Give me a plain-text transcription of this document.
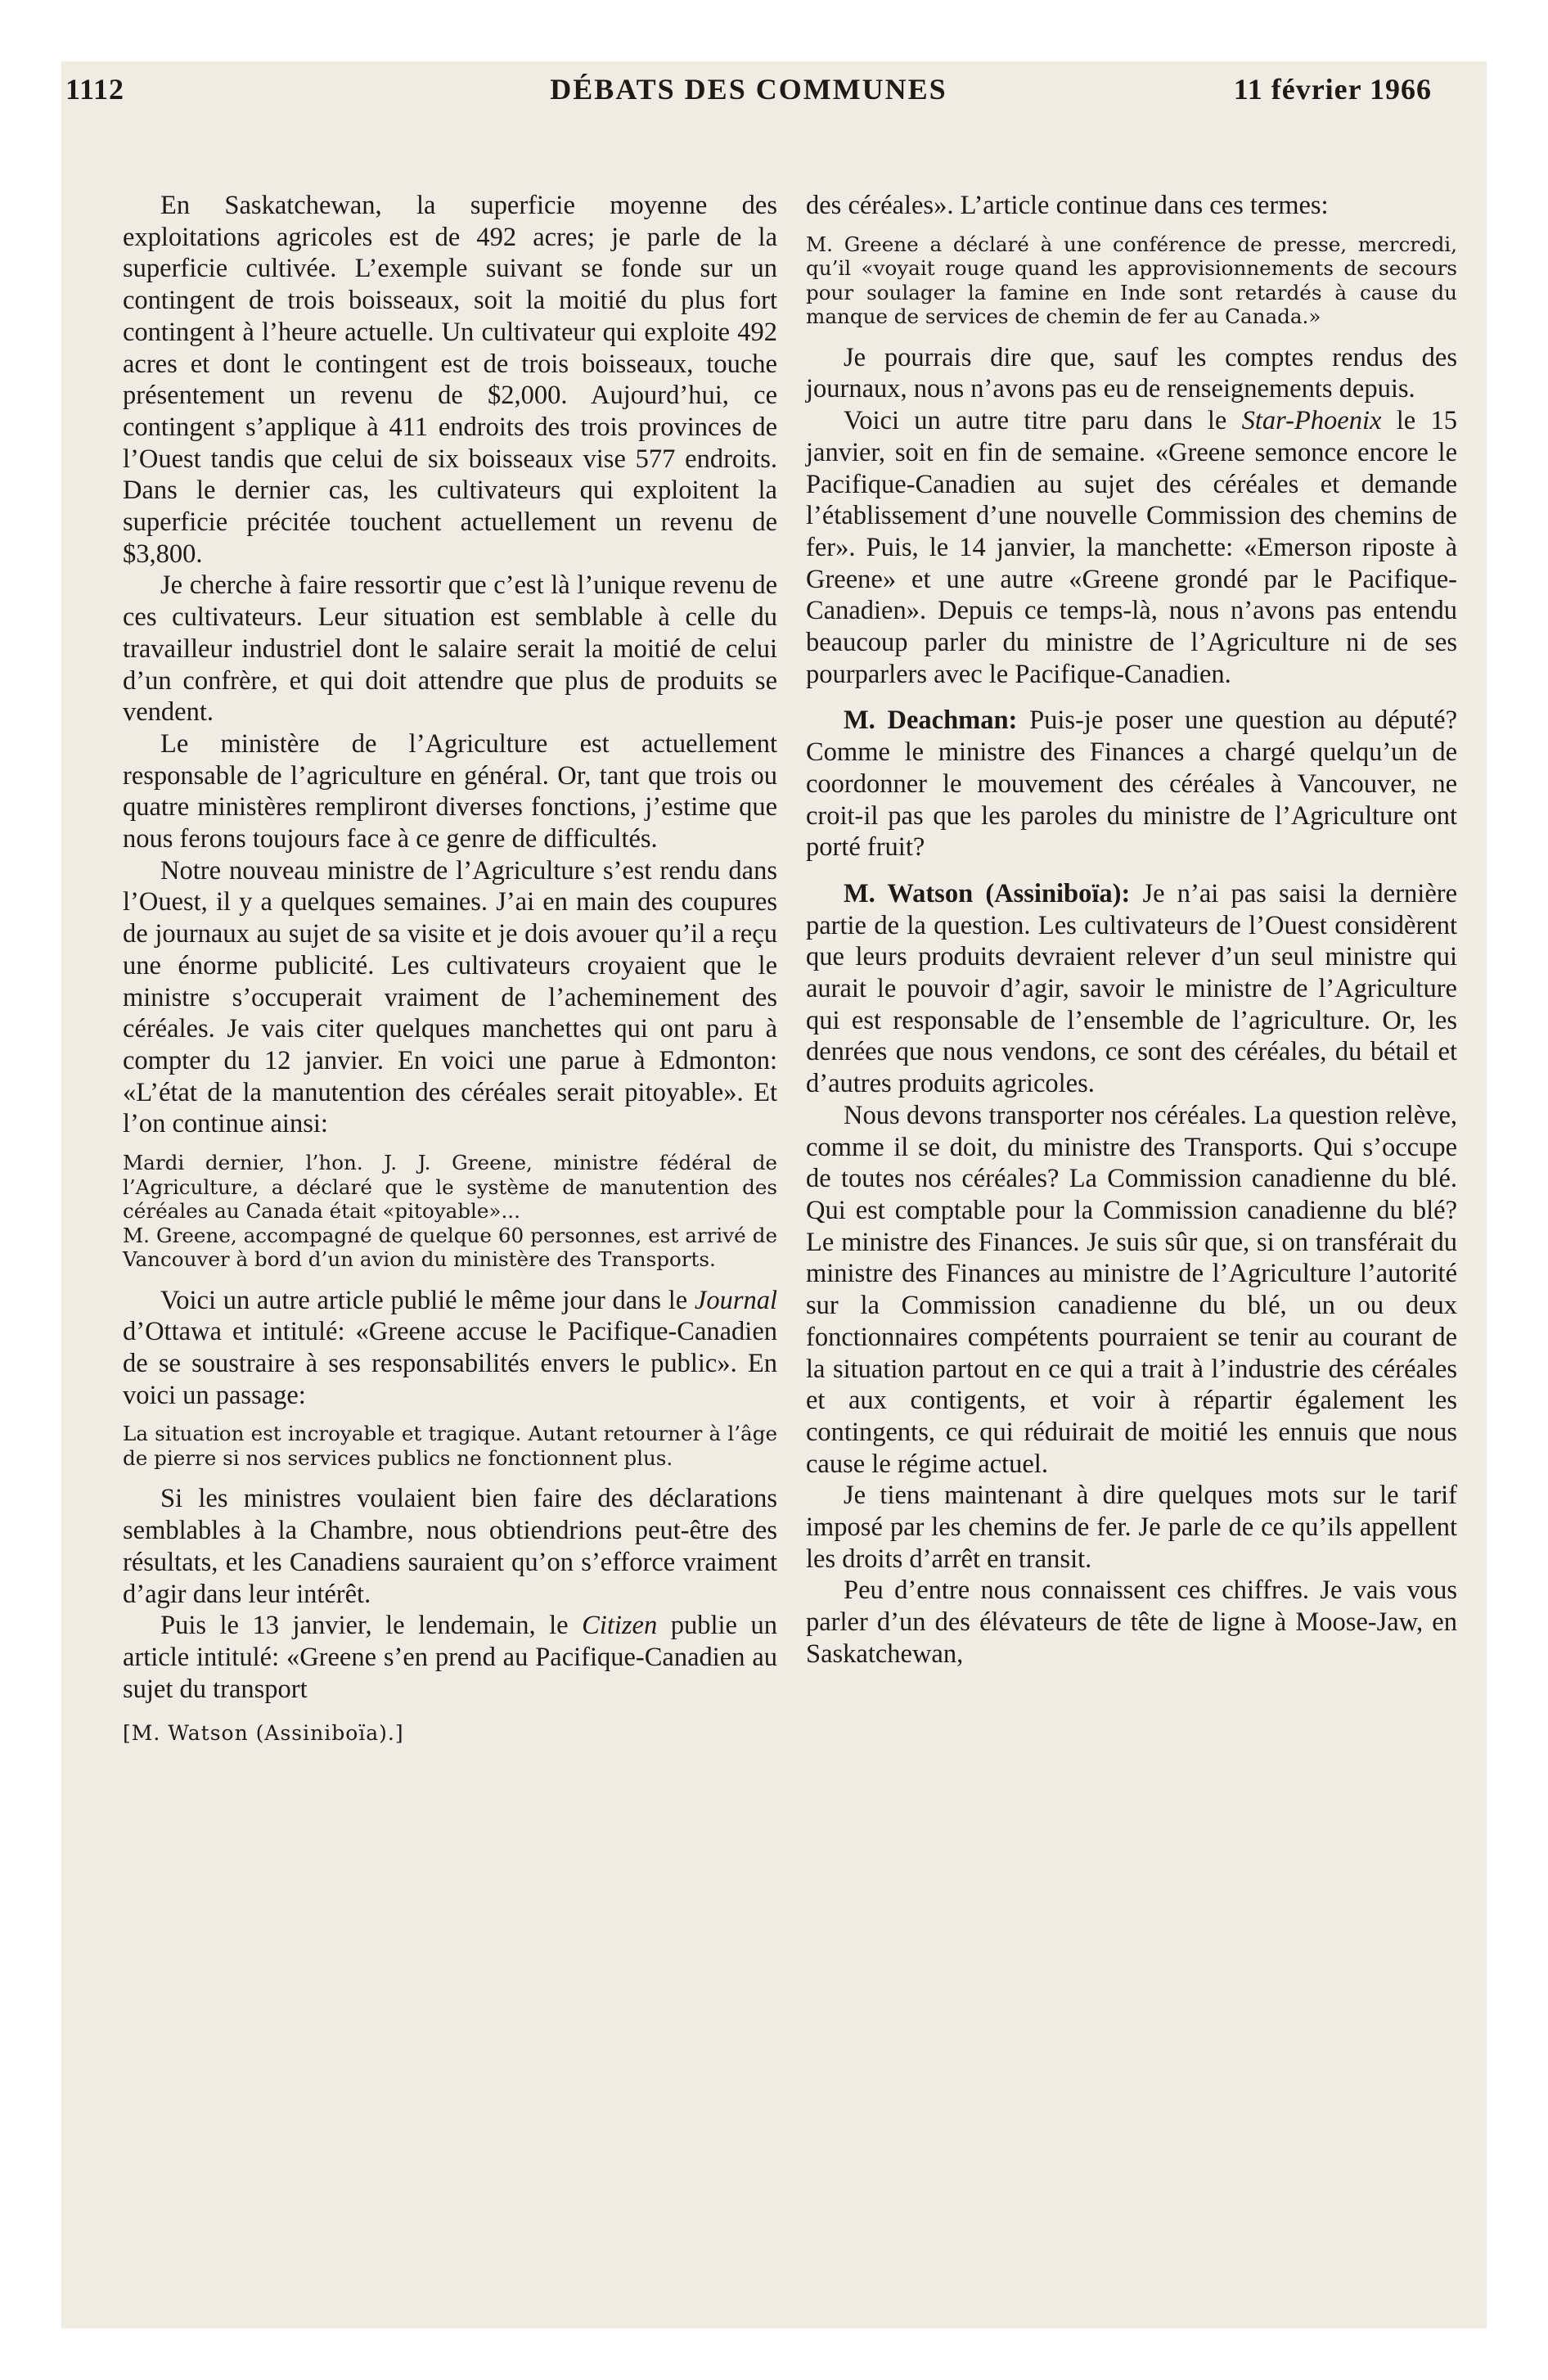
1112	DÉBATS DES COMMUNES	11 février 1966

En Saskatchewan, la superficie moyenne des exploitations agricoles est de 492 acres; je parle de la superficie cultivée. L’exemple suivant se fonde sur un contingent de trois boisseaux, soit la moitié du plus fort contingent à l’heure actuelle. Un cultivateur qui exploite 492 acres et dont le contingent est de trois boisseaux, touche présentement un revenu de $2,000. Aujourd’hui, ce contingent s’applique à 411 endroits des trois provinces de l’Ouest tandis que celui de six boisseaux vise 577 endroits. Dans le dernier cas, les cultivateurs qui exploitent la superficie précitée touchent actuellement un revenu de $3,800.

Je cherche à faire ressortir que c’est là l’unique revenu de ces cultivateurs. Leur situation est semblable à celle du travailleur industriel dont le salaire serait la moitié de celui d’un confrère, et qui doit attendre que plus de produits se vendent.

Le ministère de l’Agriculture est actuellement responsable de l’agriculture en général. Or, tant que trois ou quatre ministères rempliront diverses fonctions, j’estime que nous ferons toujours face à ce genre de difficultés.

Notre nouveau ministre de l’Agriculture s’est rendu dans l’Ouest, il y a quelques semaines. J’ai en main des coupures de journaux au sujet de sa visite et je dois avouer qu’il a reçu une énorme publicité. Les cultivateurs croyaient que le ministre s’occuperait vraiment de l’acheminement des céréales. Je vais citer quelques manchettes qui ont paru à compter du 12 janvier. En voici une parue à Edmonton: «L’état de la manutention des céréales serait pitoyable». Et l’on continue ainsi:

Mardi dernier, l’hon. J. J. Greene, ministre fédéral de l’Agriculture, a déclaré que le système de manutention des céréales au Canada était «pitoyable»...

M. Greene, accompagné de quelque 60 personnes, est arrivé de Vancouver à bord d’un avion du ministère des Transports.

Voici un autre article publié le même jour dans le Journal d’Ottawa et intitulé: «Greene accuse le Pacifique-Canadien de se soustraire à ses responsabilités envers le public». En voici un passage:

La situation est incroyable et tragique. Autant retourner à l’âge de pierre si nos services publics ne fonctionnent plus.

Si les ministres voulaient bien faire des déclarations semblables à la Chambre, nous obtiendrions peut-être des résultats, et les Canadiens sauraient qu’on s’efforce vraiment d’agir dans leur intérêt.

Puis le 13 janvier, le lendemain, le Citizen publie un article intitulé: «Greene s’en prend au Pacifique-Canadien au sujet du transport

[M. Watson (Assiniboïa).]

des céréales». L’article continue dans ces termes:

M. Greene a déclaré à une conférence de presse, mercredi, qu’il «voyait rouge quand les approvisionnements de secours pour soulager la famine en Inde sont retardés à cause du manque de services de chemin de fer au Canada.»

Je pourrais dire que, sauf les comptes rendus des journaux, nous n’avons pas eu de renseignements depuis.

Voici un autre titre paru dans le Star-Phoenix le 15 janvier, soit en fin de semaine. «Greene semonce encore le Pacifique-Canadien au sujet des céréales et demande l’établissement d’une nouvelle Commission des chemins de fer». Puis, le 14 janvier, la manchette: «Emerson riposte à Greene» et une autre «Greene grondé par le Pacifique-Canadien». Depuis ce temps-là, nous n’avons pas entendu beaucoup parler du ministre de l’Agriculture ni de ses pourparlers avec le Pacifique-Canadien.

M. Deachman: Puis-je poser une question au député? Comme le ministre des Finances a chargé quelqu’un de coordonner le mouvement des céréales à Vancouver, ne croit-il pas que les paroles du ministre de l’Agriculture ont porté fruit?

M. Watson (Assiniboïa): Je n’ai pas saisi la dernière partie de la question. Les cultivateurs de l’Ouest considèrent que leurs produits devraient relever d’un seul ministre qui aurait le pouvoir d’agir, savoir le ministre de l’Agriculture qui est responsable de l’ensemble de l’agriculture. Or, les denrées que nous vendons, ce sont des céréales, du bétail et d’autres produits agricoles.

Nous devons transporter nos céréales. La question relève, comme il se doit, du ministre des Transports. Qui s’occupe de toutes nos céréales? La Commission canadienne du blé. Qui est comptable pour la Commission canadienne du blé? Le ministre des Finances. Je suis sûr que, si on transférait du ministre des Finances au ministre de l’Agriculture l’autorité sur la Commission canadienne du blé, un ou deux fonctionnaires compétents pourraient se tenir au courant de la situation partout en ce qui a trait à l’industrie des céréales et aux contigents, et voir à répartir également les contingents, ce qui réduirait de moitié les ennuis que nous cause le régime actuel.

Je tiens maintenant à dire quelques mots sur le tarif imposé par les chemins de fer. Je parle de ce qu’ils appellent les droits d’arrêt en transit.

Peu d’entre nous connaissent ces chiffres. Je vais vous parler d’un des élévateurs de tête de ligne à Moose-Jaw, en Saskatchewan,
